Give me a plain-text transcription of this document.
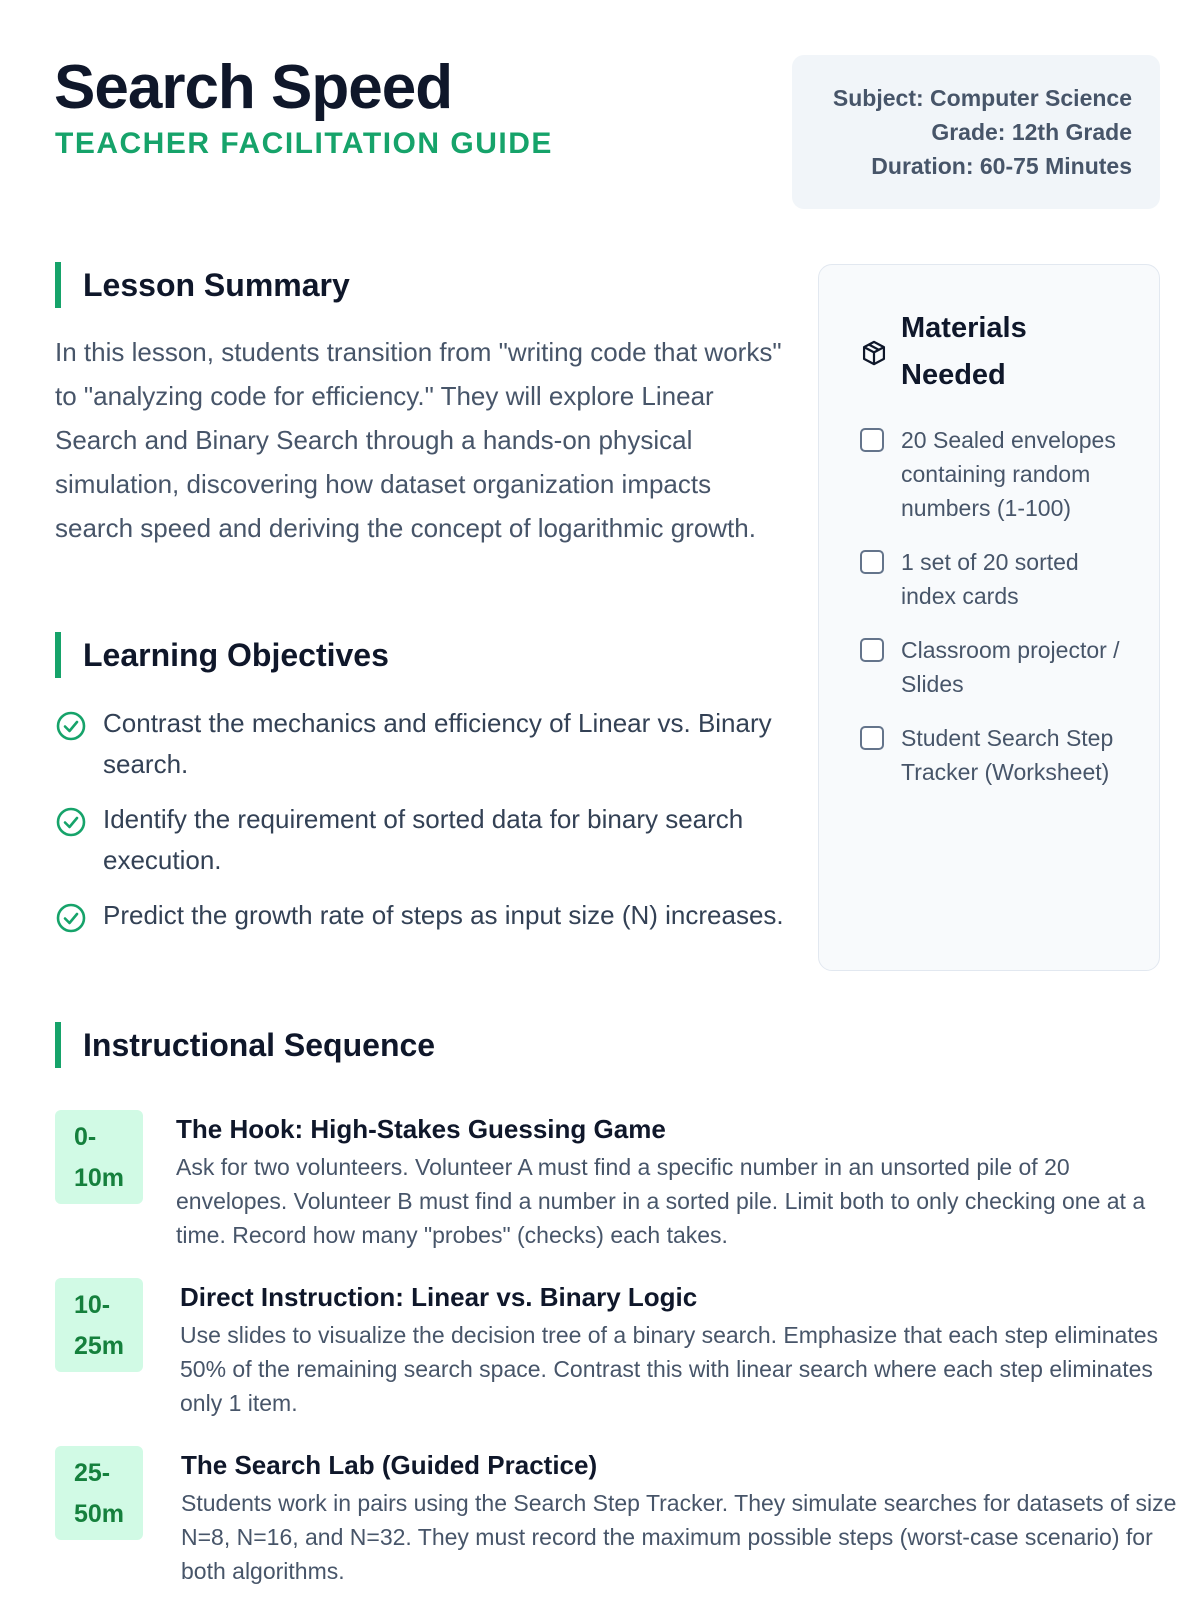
Search Speed
TEACHER FACILITATION GUIDE
Subject: Computer Science
Grade: 12th Grade
Duration: 60-75 Minutes
Lesson Summary

In this lesson, students transition from "writing code that works" to "analyzing code for efficiency." They will explore Linear Search and Binary Search through a hands-on physical simulation, discovering how dataset organization impacts search speed and deriving the concept of logarithmic growth.

Learning Objectives
Contrast the mechanics and efficiency of Linear vs. Binary search.
Identify the requirement of sorted data for binary search execution.
Predict the growth rate of steps as input size (N) increases.
Materials Needed
20 Sealed envelopes containing random numbers (1-100)
1 set of 20 sorted index cards
Classroom projector / Slides
Student Search Step Tracker (Worksheet)
Instructional Sequence
0-
10m
The Hook: High-Stakes Guessing Game

Ask for two volunteers. Volunteer A must find a specific number in an unsorted pile of 20 envelopes. Volunteer B must find a number in a sorted pile. Limit both to only checking one at a time. Record how many "probes" (checks) each takes.

10-
25m
Direct Instruction: Linear vs. Binary Logic

Use slides to visualize the decision tree of a binary search. Emphasize that each step eliminates 50% of the remaining search space. Contrast this with linear search where each step eliminates only 1 item.

25-
50m
The Search Lab (Guided Practice)

Students work in pairs using the Search Step Tracker. They simulate searches for datasets of size N=8, N=16, and N=32. They must record the maximum possible steps (worst-case scenario) for both algorithms.
